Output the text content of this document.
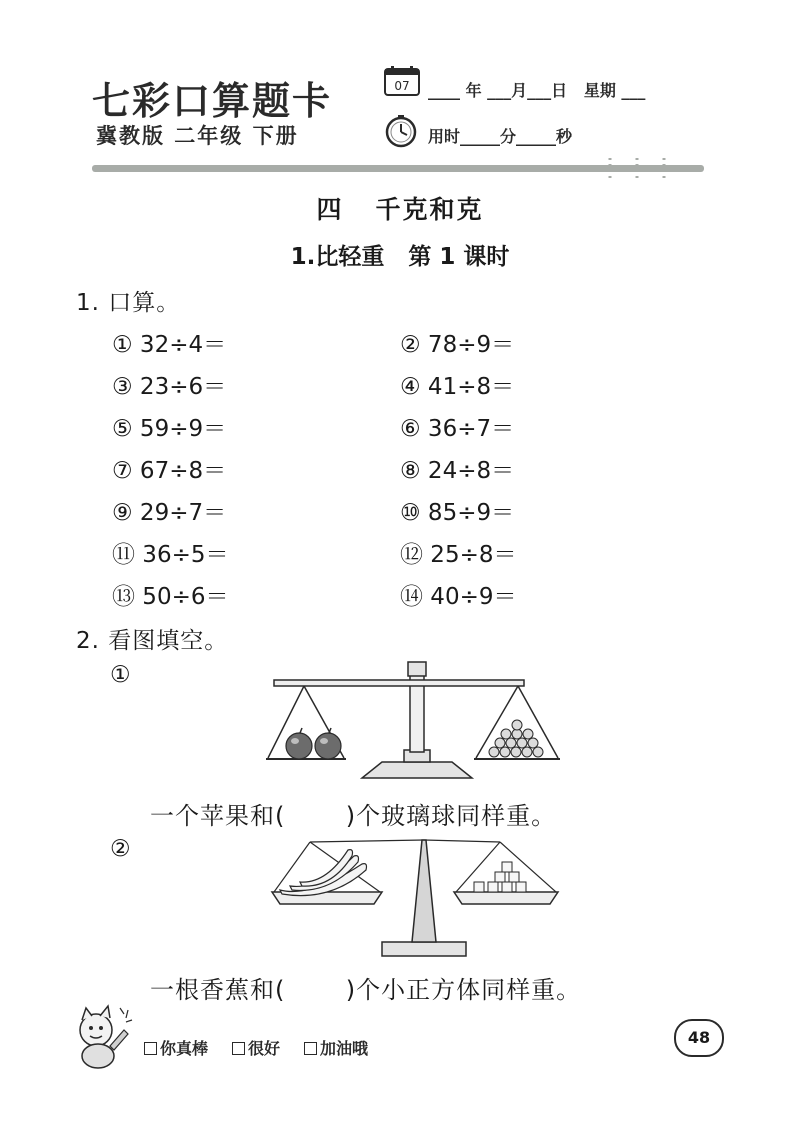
七彩口算题卡
冀教版 二年级 下册
07 ____ 年 ___月___日   星期 ___
用时_____分_____秒
四   千克和克
1.比轻重   第 1 课时
1. 口算。
① 32÷4＝	② 78÷9＝
③ 23÷6＝	④ 41÷8＝
⑤ 59÷9＝	⑥ 36÷7＝
⑦ 67÷8＝	⑧ 24÷8＝
⑨ 29÷7＝	⑩ 85÷9＝
⑪ 36÷5＝	⑫ 25÷8＝
⑬ 50÷6＝	⑭ 40÷9＝
2. 看图填空。
①
一个苹果和(       )个玻璃球同样重。
②
一根香蕉和(       )个小正方体同样重。
你真棒	很好	加油哦
48
